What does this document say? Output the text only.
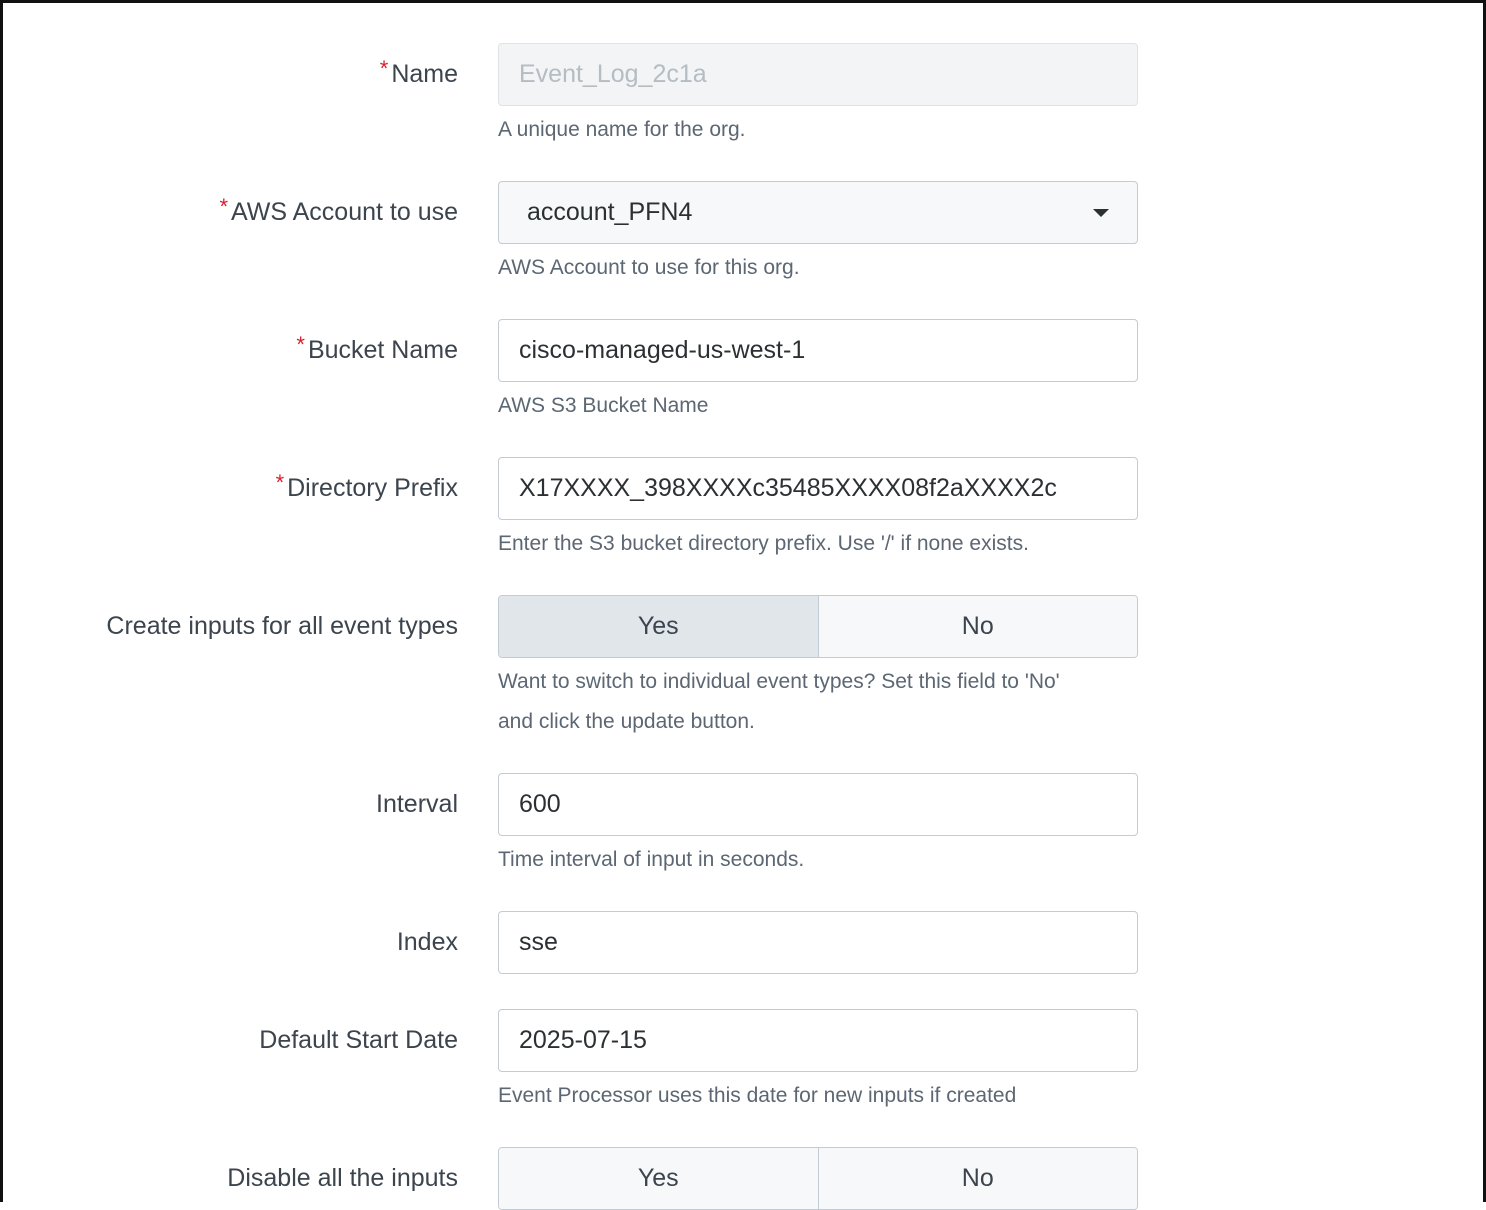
* Name	Event_Log_2c1a
A unique name for the org.
* AWS Account to use	account_PFN4
AWS Account to use for this org.
* Bucket Name	cisco-managed-us-west-1
AWS S3 Bucket Name
* Directory Prefix	X17XXXX_398XXXXc35485XXXX08f2aXXXX2c
Enter the S3 bucket directory prefix. Use '/' if none exists.
Create inputs for all event types	Yes	No
Want to switch to individual event types? Set this field to 'No'
and click the update button.
Interval	600
Time interval of input in seconds.
Index	sse
Default Start Date	2025-07-15
Event Processor uses this date for new inputs if created
Disable all the inputs	Yes	No
